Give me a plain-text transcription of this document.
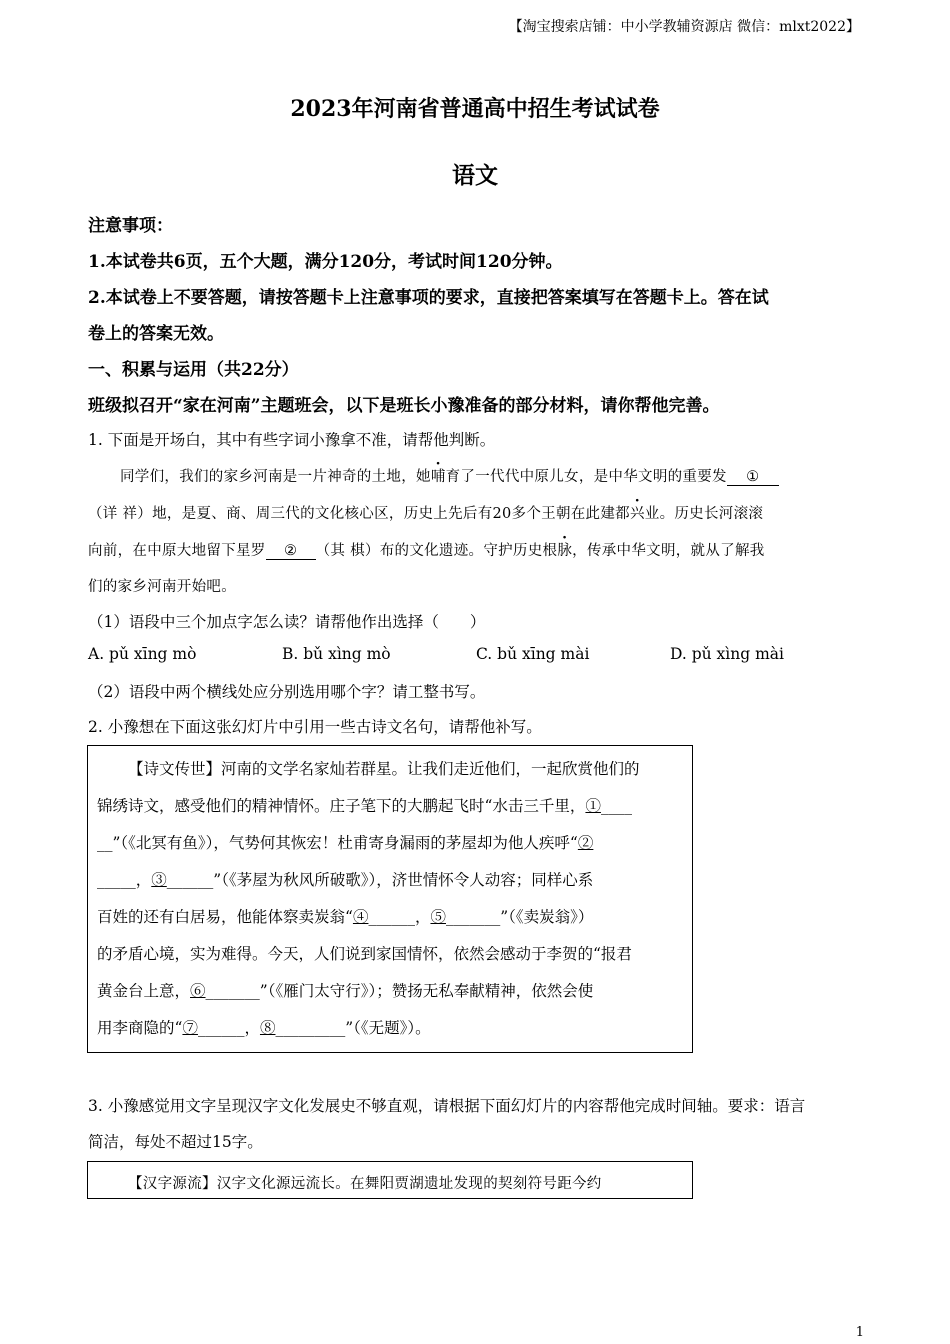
【淘宝搜索店铺：中小学教辅资源店 微信：mlxt2022】
2023年河南省普通高中招生考试试卷
语文
注意事项：
1.本试卷共6页，五个大题，满分120分，考试时间120分钟。
2.本试卷上不要答题，请按答题卡上注意事项的要求，直接把答案填写在答题卡上。答在试
卷上的答案无效。
一、积累与运用（共22分）
班级拟召开“家在河南”主题班会，以下是班长小豫准备的部分材料，请你帮他完善。
1. 下面是开场白，其中有些字词小豫拿不准，请帮他判断。
同学们，我们的家乡河南是一片神奇的土地，她哺育了一代代中原儿女，是中华文明的重要发 ①
（详 祥）地，是夏、商、周三代的文化核心区，历史上先后有20多个王朝在此建都兴业。历史长河滚滚
向前，在中原大地留下星罗 ② （其 棋）布的文化遗迹。守护历史根脉，传承中华文明，就从了解我
们的家乡河南开始吧。
（1）语段中三个加点字怎么读？请帮他作出选择（　　）
A. pǔ xīng mò	B. bǔ xìng mò	C. bǔ xīng mài	D. pǔ xìng mài
（2）语段中两个横线处应分别选用哪个字？请工整书写。
2. 小豫想在下面这张幻灯片中引用一些古诗文名句，请帮他补写。
【诗文传世】河南的文学名家灿若群星。让我们走近他们，一起欣赏他们的
锦绣诗文，感受他们的精神情怀。庄子笔下的大鹏起飞时“水击三千里，①____
__”（《北冥有鱼》），气势何其恢宏！杜甫寄身漏雨的茅屋却为他人疾呼“②
_____，③______”（《茅屋为秋风所破歌》），济世情怀令人动容；同样心系
百姓的还有白居易，他能体察卖炭翁“④______，⑤_______”（《卖炭翁》）
的矛盾心境，实为难得。今天，人们说到家国情怀，依然会感动于李贺的“报君
黄金台上意，⑥_______”（《雁门太守行》）；赞扬无私奉献精神，依然会使
用李商隐的“⑦______，⑧_________”（《无题》）。
3. 小豫感觉用文字呈现汉字文化发展史不够直观，请根据下面幻灯片的内容帮他完成时间轴。要求：语言
简洁，每处不超过15字。
【汉字源流】汉字文化源远流长。在舞阳贾湖遗址发现的契刻符号距今约
1
